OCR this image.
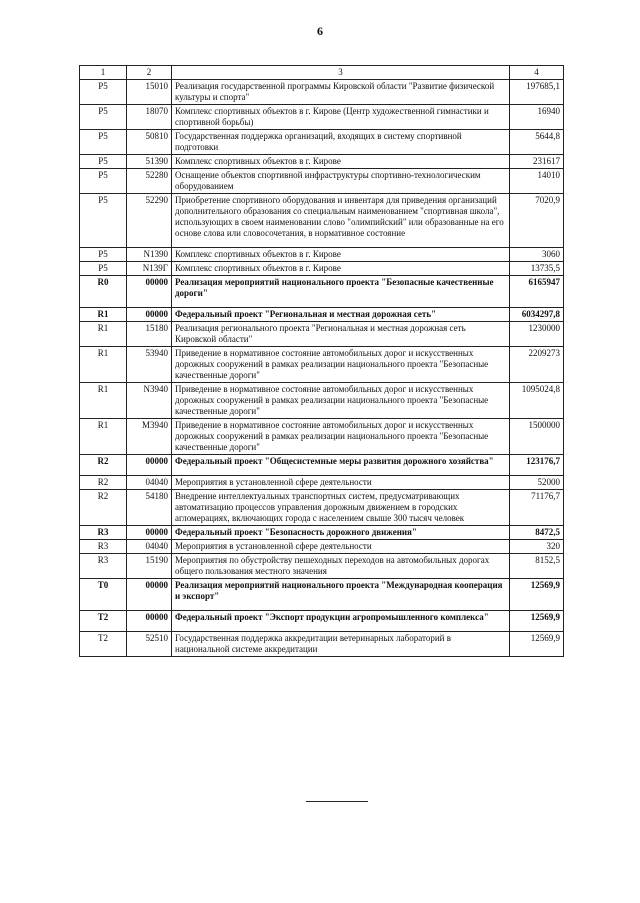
6
1	2	3	4
Р5	15010	Реализация государственной программы Кировской области "Развитие физической культуры и спорта"	197685,1
Р5	18070	Комплекс спортивных объектов в г. Кирове (Центр художественной гимнастики и спортивной борьбы)	16940
Р5	50810	Государственная поддержка организаций, входящих в систему спортивной подготовки	5644,8
Р5	51390	Комплекс спортивных объектов в г. Кирове	231617
Р5	52280	Оснащение объектов спортивной инфраструктуры спортивно-технологическим оборудованием	14010
Р5	52290	Приобретение спортивного оборудования и инвентаря для приведения организаций дополнительного образования со специальным наименованием "спортивная школа", использующих в своем наименовании слово "олимпийский" или образованные на его основе слова или словосочетания, в нормативное состояние	7020,9
Р5	N1390	Комплекс спортивных объектов в г. Кирове	3060
Р5	N139Г	Комплекс спортивных объектов в г. Кирове	13735,5
R0	00000	Реализация мероприятий национального проекта "Безопасные качественные дороги"	6165947
R1	00000	Федеральный проект "Региональная и местная дорожная сеть"	6034297,8
R1	15180	Реализация регионального проекта "Региональная и местная дорожная сеть Кировской области"	1230000
R1	53940	Приведение в нормативное состояние автомобильных дорог и искусственных дорожных сооружений в рамках реализации национального проекта "Безопасные качественные дороги"	2209273
R1	N3940	Приведение в нормативное состояние автомобильных дорог и искусственных дорожных сооружений в рамках реализации национального проекта "Безопасные качественные дороги"	1095024,8
R1	M3940	Приведение в нормативное состояние автомобильных дорог и искусственных дорожных сооружений в рамках реализации национального проекта "Безопасные качественные дороги"	1500000
R2	00000	Федеральный проект "Общесистемные меры развития дорожного хозяйства"	123176,7
R2	04040	Мероприятия в установленной сфере деятельности	52000
R2	54180	Внедрение интеллектуальных транспортных систем, предусматривающих автоматизацию процессов управления дорожным движением в городских агломерациях, включающих города с населением свыше 300 тысяч человек	71176,7
R3	00000	Федеральный проект "Безопасность дорожного движения"	8472,5
R3	04040	Мероприятия в установленной сфере деятельности	320
R3	15190	Мероприятия по обустройству пешеходных переходов на автомобильных дорогах общего пользования местного значения	8152,5
T0	00000	Реализация мероприятий национального проекта "Международная кооперация и экспорт"	12569,9
T2	00000	Федеральный проект "Экспорт продукции агропромышленного комплекса"	12569,9
T2	52510	Государственная поддержка аккредитации ветеринарных лабораторий в национальной системе аккредитации	12569,9
